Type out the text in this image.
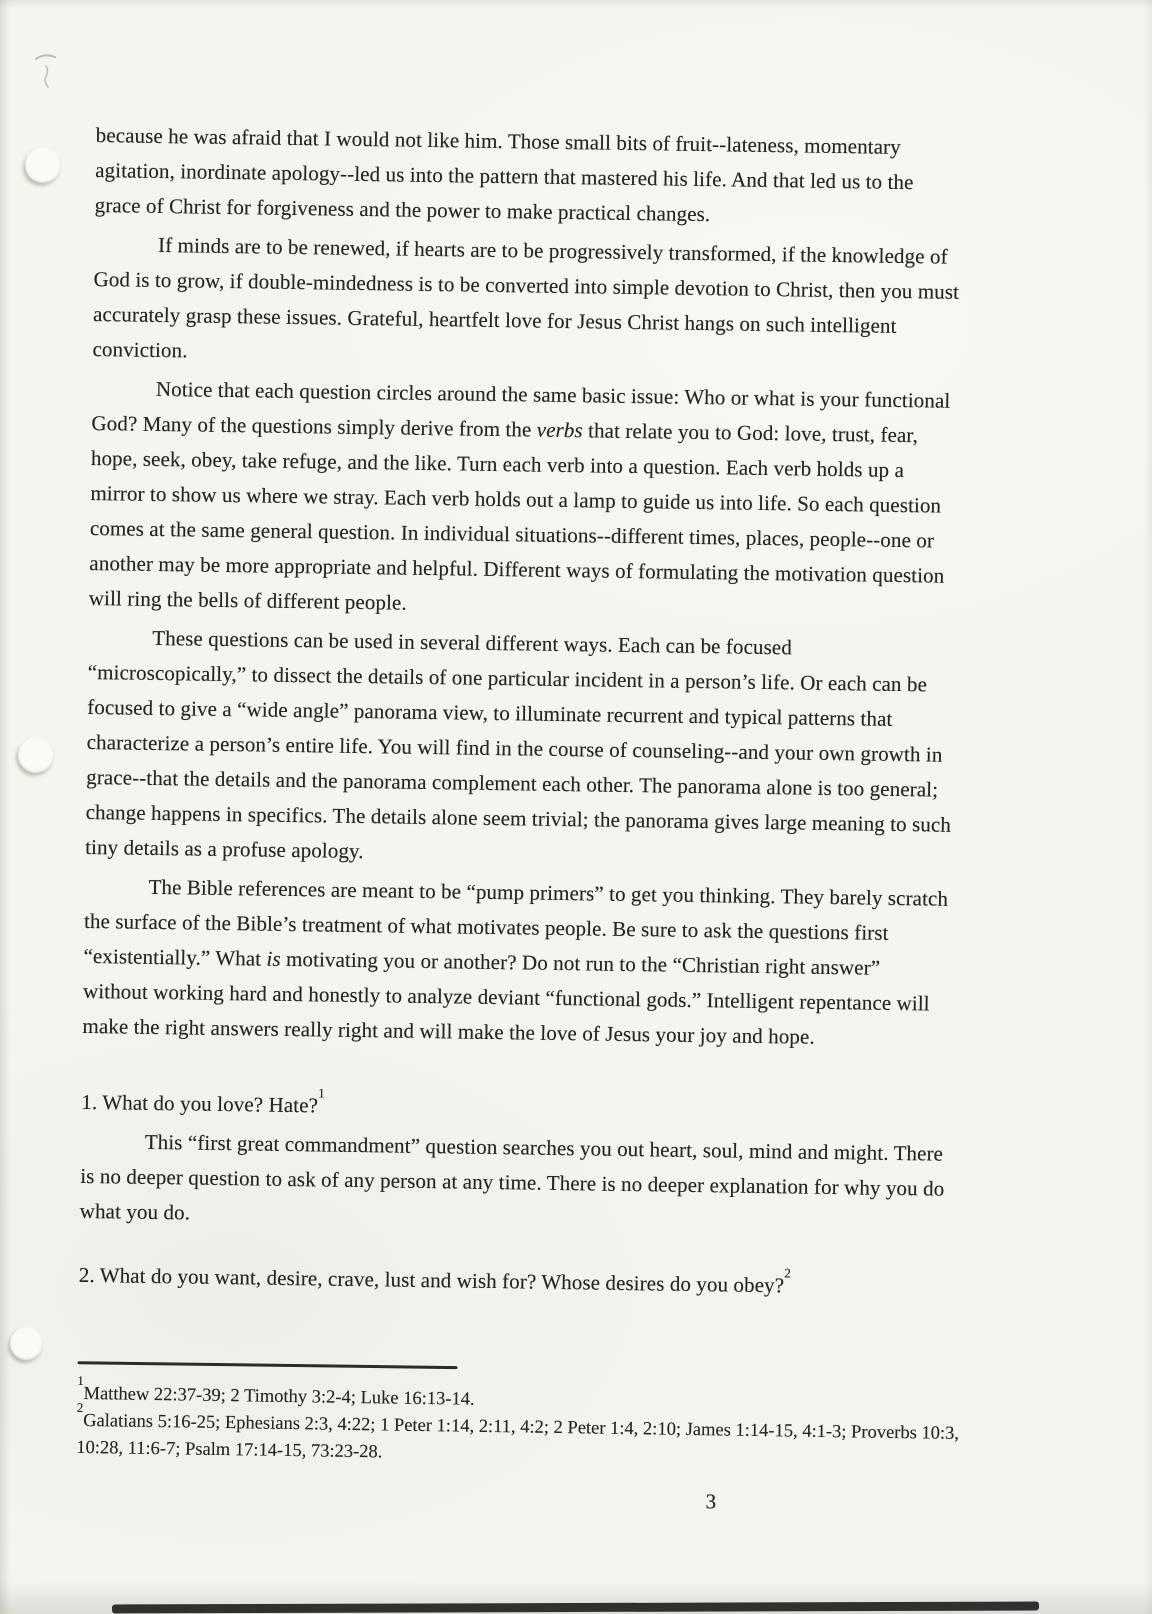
because he was afraid that I would not like him. Those small bits of fruit--lateness, momentary
agitation, inordinate apology--led us into the pattern that mastered his life. And that led us to the
grace of Christ for forgiveness and the power to make practical changes.

If minds are to be renewed, if hearts are to be progressively transformed, if the knowledge of
God is to grow, if double-mindedness is to be converted into simple devotion to Christ, then you must
accurately grasp these issues. Grateful, heartfelt love for Jesus Christ hangs on such intelligent
conviction.

Notice that each question circles around the same basic issue: Who or what is your functional
God? Many of the questions simply derive from the verbs that relate you to God: love, trust, fear,
hope, seek, obey, take refuge, and the like. Turn each verb into a question. Each verb holds up a
mirror to show us where we stray. Each verb holds out a lamp to guide us into life. So each question
comes at the same general question. In individual situations--different times, places, people--one or
another may be more appropriate and helpful. Different ways of formulating the motivation question
will ring the bells of different people.

These questions can be used in several different ways. Each can be focused
“microscopically,” to dissect the details of one particular incident in a person’s life. Or each can be
focused to give a “wide angle” panorama view, to illuminate recurrent and typical patterns that
characterize a person’s entire life. You will find in the course of counseling--and your own growth in
grace--that the details and the panorama complement each other. The panorama alone is too general;
change happens in specifics. The details alone seem trivial; the panorama gives large meaning to such
tiny details as a profuse apology.

The Bible references are meant to be “pump primers” to get you thinking. They barely scratch
the surface of the Bible’s treatment of what motivates people. Be sure to ask the questions first
“existentially.” What is motivating you or another? Do not run to the “Christian right answer”
without working hard and honestly to analyze deviant “functional gods.” Intelligent repentance will
make the right answers really right and will make the love of Jesus your joy and hope.

1. What do you love? Hate?$^1$

This “first great commandment” question searches you out heart, soul, mind and might. There
is no deeper question to ask of any person at any time. There is no deeper explanation for why you do
what you do.

2. What do you want, desire, crave, lust and wish for? Whose desires do you obey?$^2$

$^1$Matthew 22:37-39; 2 Timothy 3:2-4; Luke 16:13-14.

$^2$Galatians 5:16-25; Ephesians 2:3, 4:22; 1 Peter 1:14, 2:11, 4:2; 2 Peter 1:4, 2:10; James 1:14-15, 4:1-3; Proverbs 10:3,
10:28, 11:6-7; Psalm 17:14-15, 73:23-28.

3
